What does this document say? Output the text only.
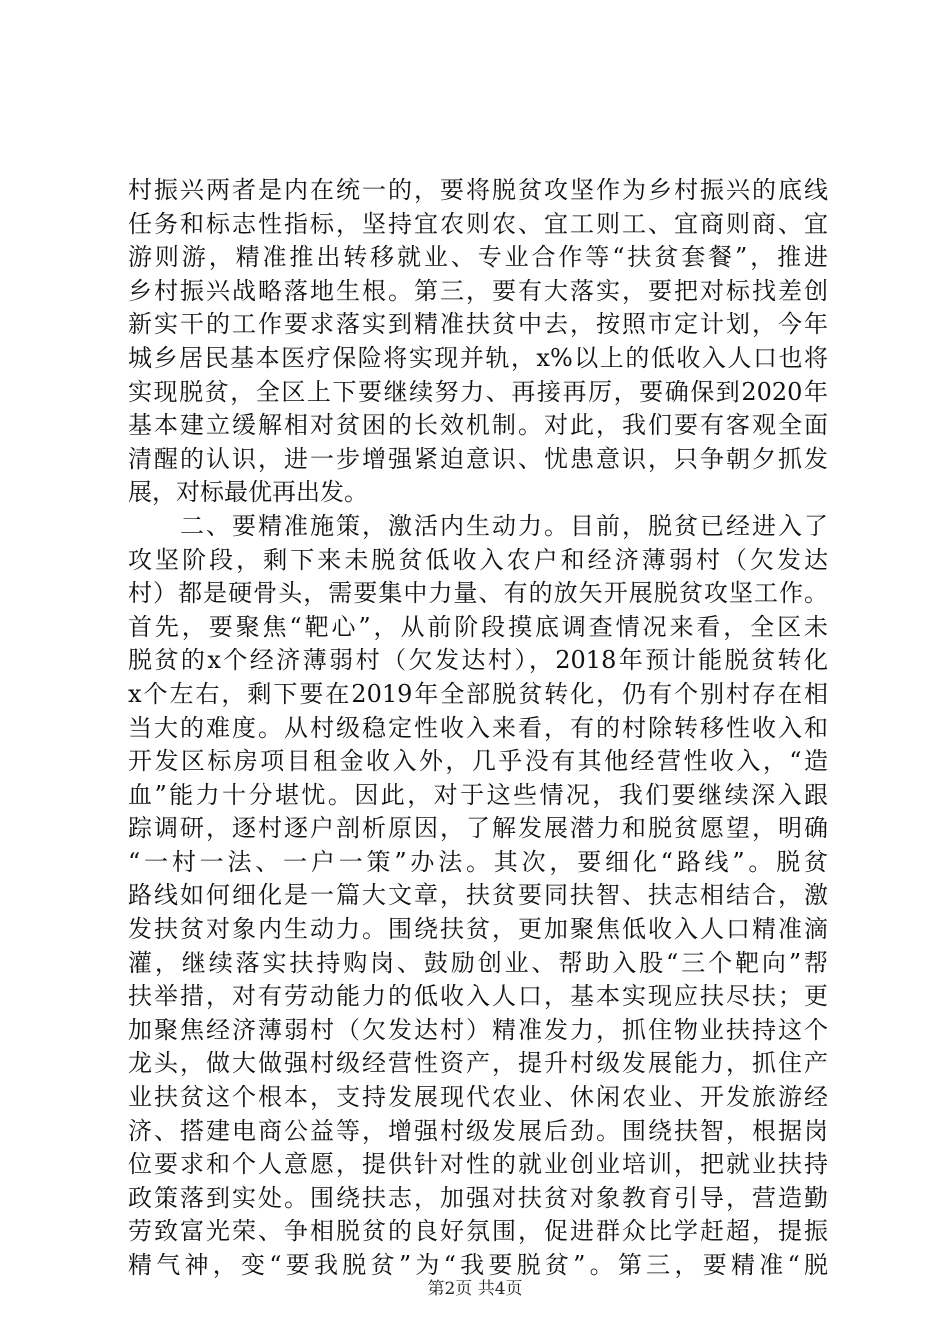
村振兴两者是内在统一的，要将脱贫攻坚作为乡村振兴的底线
任务和标志性指标，坚持宜农则农、宜工则工、宜商则商、宜
游则游，精准推出转移就业、专业合作等“扶贫套餐”，推进
乡村振兴战略落地生根。第三，要有大落实，要把对标找差创
新实干的工作要求落实到精准扶贫中去，按照市定计划，今年
城乡居民基本医疗保险将实现并轨，x%以上的低收入人口也将
实现脱贫，全区上下要继续努力、再接再厉，要确保到2020年
基本建立缓解相对贫困的长效机制。对此，我们要有客观全面
清醒的认识，进一步增强紧迫意识、忧患意识，只争朝夕抓发
展，对标最优再出发。
　　二、要精准施策，激活内生动力。目前，脱贫已经进入了
攻坚阶段，剩下来未脱贫低收入农户和经济薄弱村（欠发达
村）都是硬骨头，需要集中力量、有的放矢开展脱贫攻坚工作。
首先，要聚焦“靶心”，从前阶段摸底调查情况来看，全区未
脱贫的x个经济薄弱村（欠发达村），2018年预计能脱贫转化
x个左右，剩下要在2019年全部脱贫转化，仍有个别村存在相
当大的难度。从村级稳定性收入来看，有的村除转移性收入和
开发区标房项目租金收入外，几乎没有其他经营性收入，“造
血”能力十分堪忧。因此，对于这些情况，我们要继续深入跟
踪调研，逐村逐户剖析原因，了解发展潜力和脱贫愿望，明确
“一村一法、一户一策”办法。其次，要细化“路线”。脱贫
路线如何细化是一篇大文章，扶贫要同扶智、扶志相结合，激
发扶贫对象内生动力。围绕扶贫，更加聚焦低收入人口精准滴
灌，继续落实扶持购岗、鼓励创业、帮助入股“三个靶向”帮
扶举措，对有劳动能力的低收入人口，基本实现应扶尽扶；更
加聚焦经济薄弱村（欠发达村）精准发力，抓住物业扶持这个
龙头，做大做强村级经营性资产，提升村级发展能力，抓住产
业扶贫这个根本，支持发展现代农业、休闲农业、开发旅游经
济、搭建电商公益等，增强村级发展后劲。围绕扶智，根据岗
位要求和个人意愿，提供针对性的就业创业培训，把就业扶持
政策落到实处。围绕扶志，加强对扶贫对象教育引导，营造勤
劳致富光荣、争相脱贫的良好氛围，促进群众比学赶超，提振
精气神，变“要我脱贫”为“我要脱贫”。第三，要精准“脱
第2页 共4页
